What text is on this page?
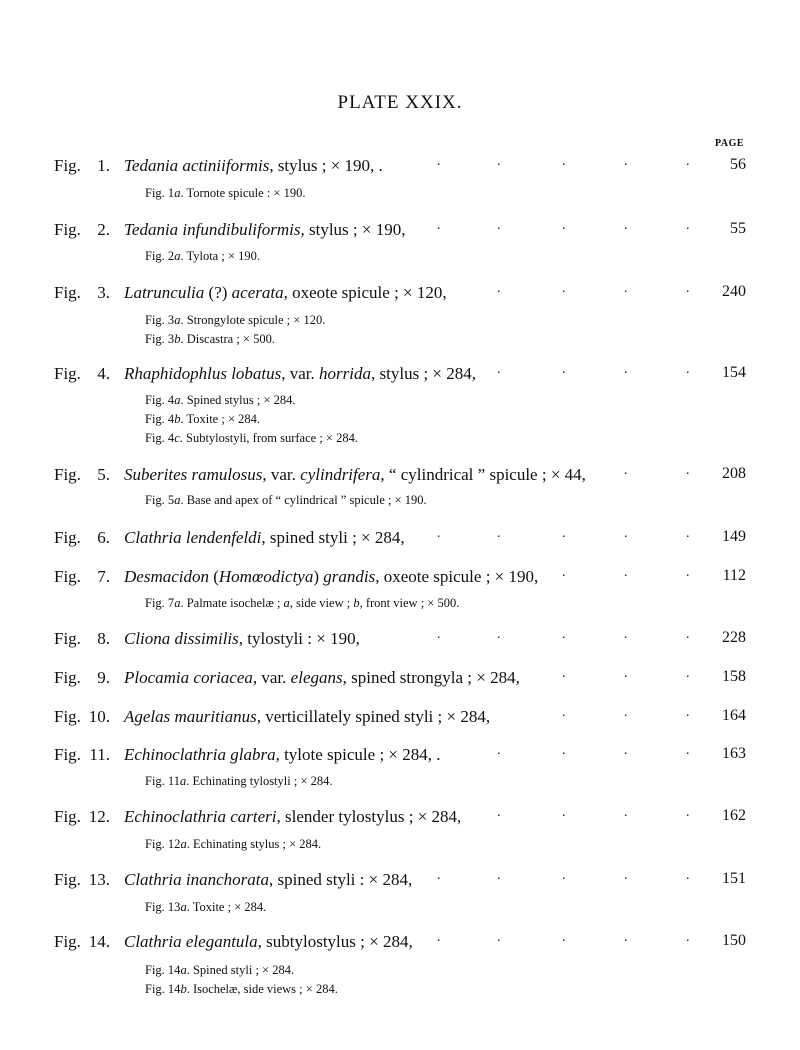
PLATE XXIX.
PAGE
Fig. 1. Tedania actiniiformis, stylus ; × 190, .	56
Fig. 1a. Tornote spicule : × 190.
Fig. 2. Tedania infundibuliformis, stylus ; × 190,	55
Fig. 2a. Tylota ; × 190.
Fig. 3. Latrunculia (?) acerata, oxeote spicule ; × 120,	240
Fig. 3a. Strongylote spicule ; × 120.
Fig. 3b. Discastra ; × 500.
Fig. 4. Rhaphidophlus lobatus, var. horrida, stylus ; × 284,	154
Fig. 4a. Spined stylus ; × 284.
Fig. 4b. Toxite ; × 284.
Fig. 4c. Subtylostyli, from surface ; × 284.
Fig. 5. Suberites ramulosus, var. cylindrifera, “ cylindrical ” spicule ; × 44,	208
Fig. 5a. Base and apex of “ cylindrical ” spicule ; × 190.
Fig. 6. Clathria lendenfeldi, spined styli ; × 284,	149
Fig. 7. Desmacidon (Homœodictya) grandis, oxeote spicule ; × 190,	112
Fig. 7a. Palmate isochelæ ; a, side view ; b, front view ; × 500.
Fig. 8. Cliona dissimilis, tylostyli : × 190,	228
Fig. 9. Plocamia coriacea, var. elegans, spined strongyla ; × 284,	158
Fig. 10. Agelas mauritianus, verticillately spined styli ; × 284,	164
Fig. 11. Echinoclathria glabra, tylote spicule ; × 284, .	163
Fig. 11a. Echinating tylostyli ; × 284.
Fig. 12. Echinoclathria carteri, slender tylostylus ; × 284,	162
Fig. 12a. Echinating stylus ; × 284.
Fig. 13. Clathria inanchorata, spined styli : × 284,	151
Fig. 13a. Toxite ; × 284.
Fig. 14. Clathria elegantula, subtylostylus ; × 284,	150
Fig. 14a. Spined styli ; × 284.
Fig. 14b. Isochelæ, side views ; × 284.
.	.	.	.	.
.	.	.	.	.
.	.	.	.
.	.	.	.
.	.
.	.	.	.	.
.	.	.
.	.	.	.	.
.	.	.
.	.	.
.	.	.	.
.	.	.	.
.	.	.	.	.
.	.	.	.	.
